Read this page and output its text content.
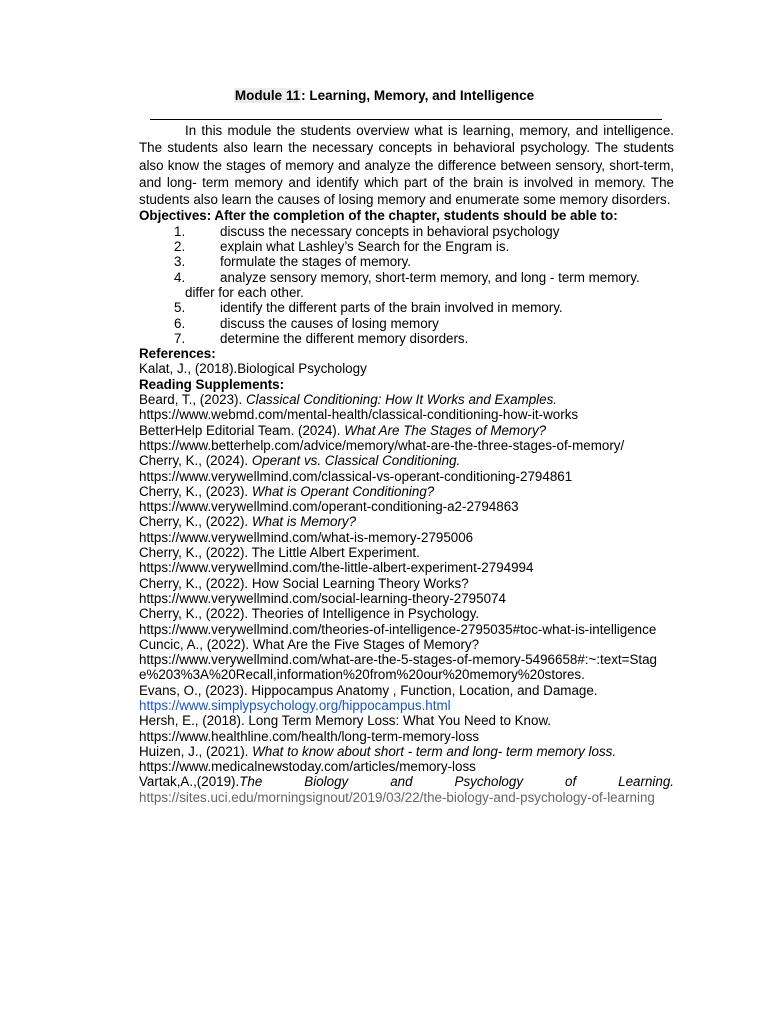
Module 11: Learning, Memory, and Intelligence

In this module the students overview what is learning, memory, and intelligence. The students also learn the necessary concepts in behavioral psychology. The students also know the stages of memory and analyze the difference between sensory, short-term, and long- term memory and identify which part of the brain is involved in memory. The students also learn the causes of losing memory and enumerate some memory disorders.

Objectives: After the completion of the chapter, students should be able to:

1.	discuss the necessary concepts in behavioral psychology
2.	explain what Lashley’s Search for the Engram is.
3.	formulate the stages of memory.
4.	analyze sensory memory, short-term memory, and long - term memory.
differ for each other.
5.	identify the different parts of the brain involved in memory.
6.	discuss the causes of losing memory
7.	determine the different memory disorders.

References:

Kalat, J., (2018).Biological Psychology

Reading Supplements:

Beard, T., (2023). Classical Conditioning: How It Works and Examples.

https://www.webmd.com/mental-health/classical-conditioning-how-it-works

BetterHelp Editorial Team. (2024). What Are The Stages of Memory?

https://www.betterhelp.com/advice/memory/what-are-the-three-stages-of-memory/

Cherry, K., (2024). Operant vs. Classical Conditioning.

https://www.verywellmind.com/classical-vs-operant-conditioning-2794861

Cherry, K., (2023). What is Operant Conditioning?

https://www.verywellmind.com/operant-conditioning-a2-2794863

Cherry, K., (2022). What is Memory?

https://www.verywellmind.com/what-is-memory-2795006

Cherry, K., (2022). The Little Albert Experiment.

https://www.verywellmind.com/the-little-albert-experiment-2794994

Cherry, K., (2022). How Social Learning Theory Works?

https://www.verywellmind.com/social-learning-theory-2795074

Cherry, K., (2022). Theories of Intelligence in Psychology.

https://www.verywellmind.com/theories-of-intelligence-2795035#toc-what-is-intelligence

Cuncic, A., (2022). What Are the Five Stages of Memory?

https://www.verywellmind.com/what-are-the-5-stages-of-memory-5496658#:~:text=Stage%203%3A%20Recall,information%20from%20our%20memory%20stores.

Evans, O., (2023). Hippocampus Anatomy , Function, Location, and Damage.

https://www.simplypsychology.org/hippocampus.html

Hersh, E., (2018). Long Term Memory Loss: What You Need to Know.

https://www.healthline.com/health/long-term-memory-loss

Huizen, J., (2021). What to know about short - term and long- term memory loss.

https://www.medicalnewstoday.com/articles/memory-loss

Vartak,A.,(2019).The	Biology	and	Psychology	of	Learning.

https://sites.uci.edu/morningsignout/2019/03/22/the-biology-and-psychology-of-learning
